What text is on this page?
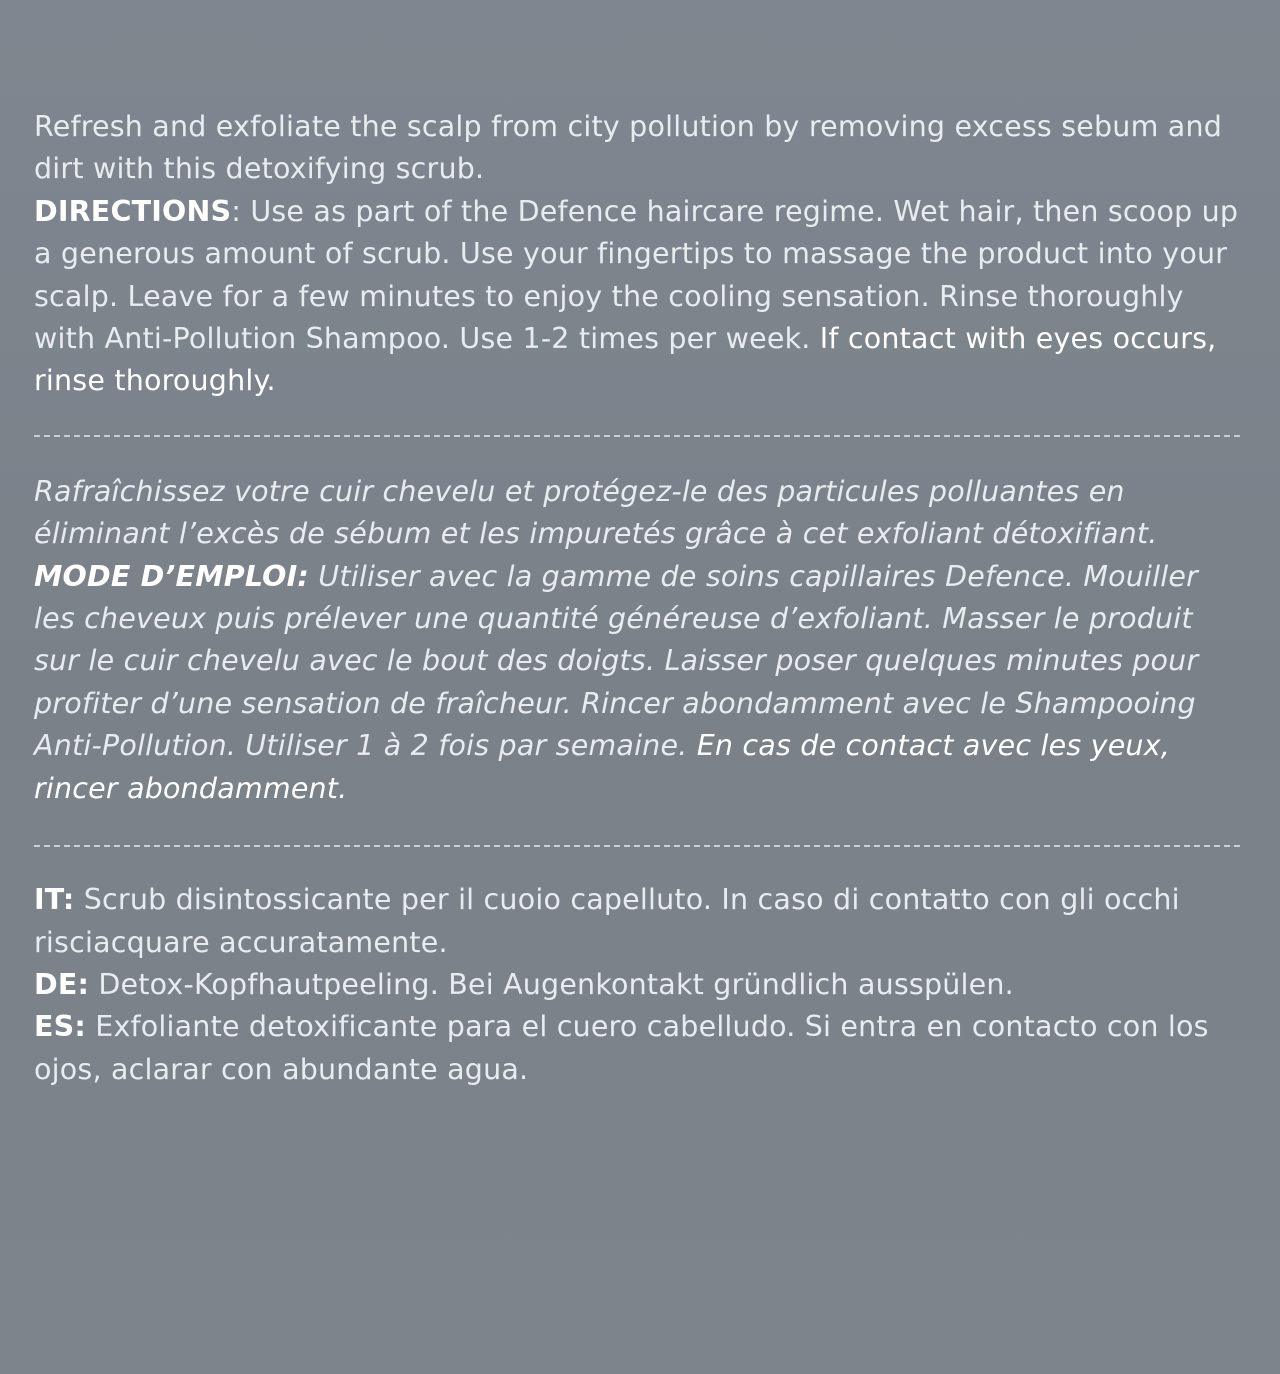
Refresh and exfoliate the scalp from city pollution by removing excess sebum and dirt with this detoxifying scrub.

DIRECTIONS: Use as part of the Defence haircare regime. Wet hair, then scoop up a generous amount of scrub. Use your fingertips to massage the product into your scalp. Leave for a few minutes to enjoy the cooling sensation. Rinse thoroughly with Anti-Pollution Shampoo. Use 1-2 times per week. If contact with eyes occurs, rinse thoroughly.

Rafraîchissez votre cuir chevelu et protégez-le des particules polluantes en éliminant l’excès de sébum et les impuretés grâce à cet exfoliant détoxifiant.

MODE D’EMPLOI: Utiliser avec la gamme de soins capillaires Defence. Mouiller les cheveux puis prélever une quantité généreuse d’exfoliant. Masser le produit sur le cuir chevelu avec le bout des doigts. Laisser poser quelques minutes pour profiter d’une sensation de fraîcheur. Rincer abondamment avec le Shampooing Anti-Pollution. Utiliser 1 à 2 fois par semaine. En cas de contact avec les yeux, rincer abondamment.

IT: Scrub disintossicante per il cuoio capelluto. In caso di contatto con gli occhi risciacquare accuratamente.

DE: Detox-Kopfhautpeeling. Bei Augenkontakt gründlich ausspülen.

ES: Exfoliante detoxificante para el cuero cabelludo. Si entra en contacto con los ojos, aclarar con abundante agua.
